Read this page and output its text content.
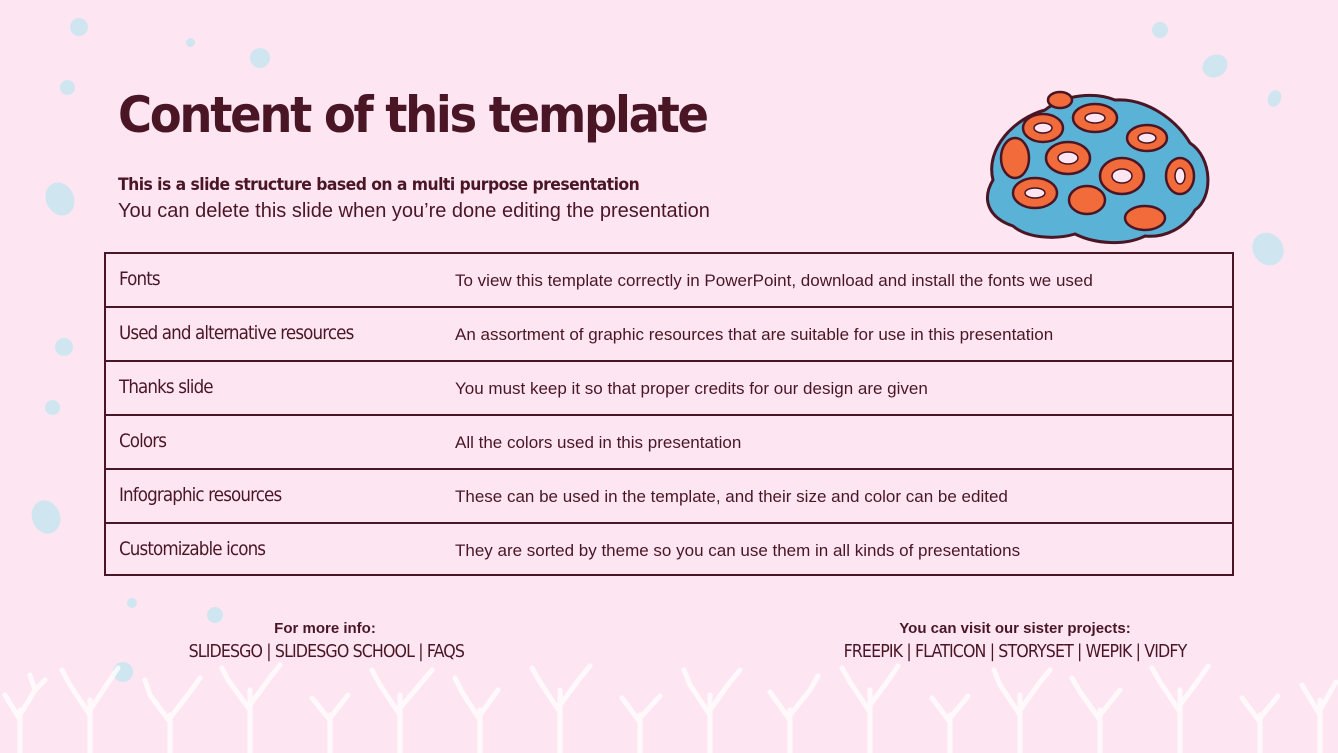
Content of this template
This is a slide structure based on a multi purpose presentation
You can delete this slide when you’re done editing the presentation
Fonts	To view this template correctly in PowerPoint, download and install the fonts we used
Used and alternative resources	An assortment of graphic resources that are suitable for use in this presentation
Thanks slide	You must keep it so that proper credits for our design are given
Colors	All the colors used in this presentation
Infographic resources	These can be used in the template, and their size and color can be edited
Customizable icons	They are sorted by theme so you can use them in all kinds of presentations
For more info:
SLIDESGO | SLIDESGO SCHOOL | FAQS
You can visit our sister projects:
FREEPIK | FLATICON | STORYSET | WEPIK | VIDFY
